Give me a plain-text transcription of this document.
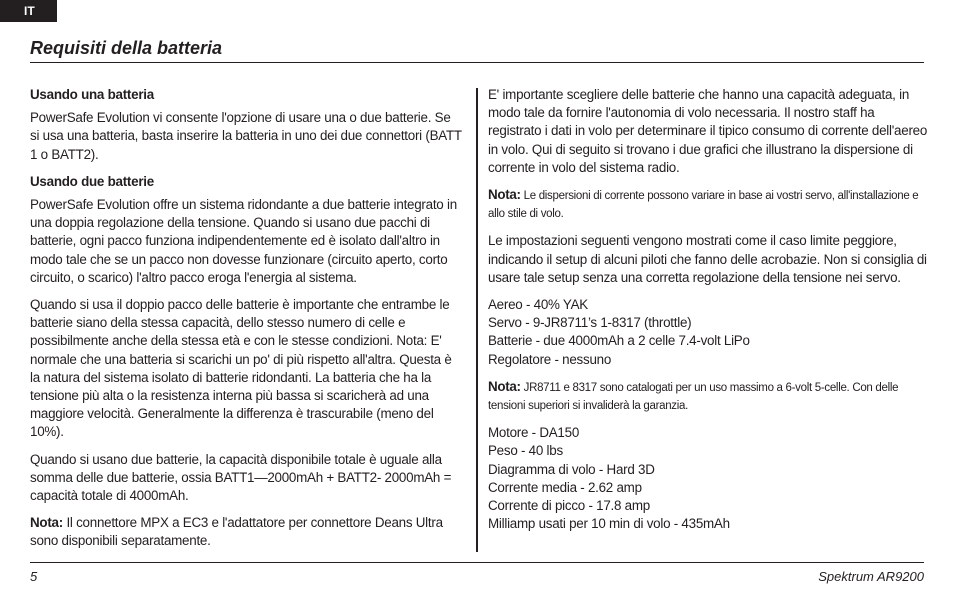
IT
Requisiti della batteria
Usando una batteria

PowerSafe Evolution vi consente l'opzione di usare una o due batterie. Se si usa una batteria, basta inserire la batteria in uno dei due connettori (BATT 1 o BATT2).

Usando due batterie

PowerSafe Evolution offre un sistema ridondante a due batterie integrato in una doppia regolazione della tensione. Quando si usano due pacchi di batterie, ogni pacco funziona indipendentemente ed è isolato dall'altro in modo tale che se un pacco non dovesse funzionare (circuito aperto, corto circuito, o scarico) l'altro pacco eroga l'energia al sistema.

Quando si usa il doppio pacco delle batterie è importante che entrambe le batterie siano della stessa capacità, dello stesso numero di celle e possibilmente anche della stessa età e con le stesse condizioni. Nota: E' normale che una batteria si scarichi un po' di più rispetto all'altra. Questa è la natura del sistema isolato di batterie ridondanti. La batteria che ha la tensione più alta o la resistenza interna più bassa si scaricherà ad una maggiore velocità. Generalmente la differenza è trascurabile (meno del 10%).

Quando si usano due batterie, la capacità disponibile totale è uguale alla somma delle due batterie, ossia BATT1—2000mAh + BATT2- 2000mAh = capacità totale di 4000mAh.

Nota: Il connettore MPX a EC3 e l'adattatore per connettore Deans Ultra sono disponibili separatamente.

E' importante scegliere delle batterie che hanno una capacità adeguata, in modo tale da fornire l'autonomia di volo necessaria. Il nostro staff ha registrato i dati in volo per determinare il tipico consumo di corrente dell'aereo in volo. Qui di seguito si trovano i due grafici che illustrano la dispersione di corrente in volo del sistema radio.

Nota: Le dispersioni di corrente possono variare in base ai vostri servo, all'installazione e allo stile di volo.

Le impostazioni seguenti vengono mostrati come il caso limite peggiore, indicando il setup di alcuni piloti che fanno delle acrobazie. Non si consiglia di usare tale setup senza una corretta regolazione della tensione nei servo.

Aereo - 40% YAK
Servo - 9-JR8711’s 1-8317 (throttle)
Batterie - due 4000mAh a 2 celle 7.4-volt LiPo
Regolatore - nessuno

Nota: JR8711 e 8317 sono catalogati per un uso massimo a 6-volt 5-celle. Con delle tensioni superiori si invaliderà la garanzia.

Motore - DA150
Peso - 40 lbs
Diagramma di volo - Hard 3D
Corrente media - 2.62 amp
Corrente di picco - 17.8 amp
Milliamp usati per 10 min di volo - 435mAh
5	Spektrum AR9200
